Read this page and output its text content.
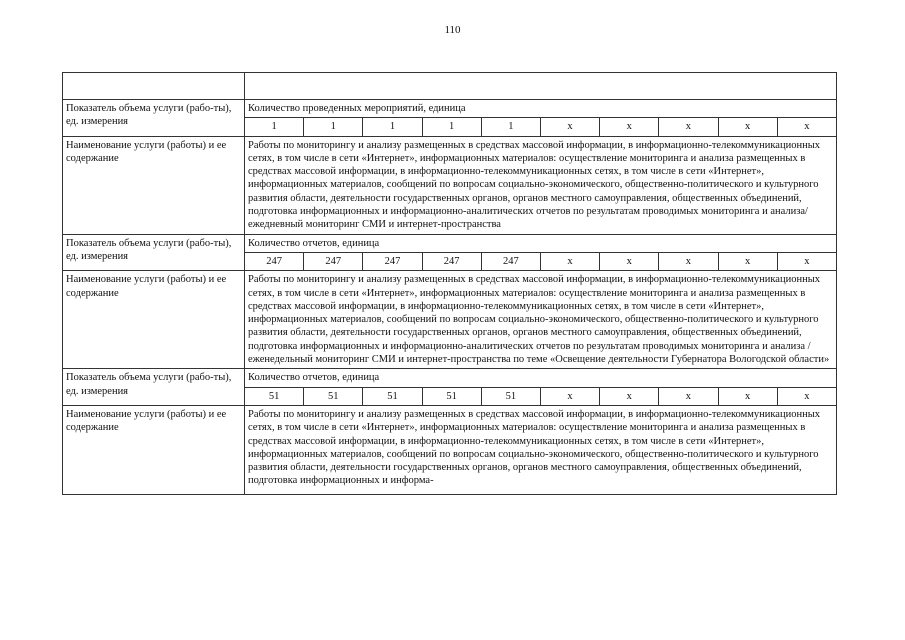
110

Показатель объема услуги (рабо-ты), ед. измерения	Количество проведенных мероприятий, единица									
	1	1	1	1	1	x	x	x	x	x
Наименование услуги (работы) и ее содержание	Работы по мониторингу и анализу размещенных в средствах массовой информации, в информационно-телекоммуникационных сетях, в том числе в сети «Интернет», информационных материалов: осуществление мониторинга и анализа размещенных в средствах массовой информации, в информационно-телекоммуникационных сетях, в том числе в сети «Интернет», информационных материалов, сообщений по вопросам социально-экономического, общественно-политического и культурного развития области, деятельности государственных органов, органов местного самоуправления, общественных объединений, подготовка информационных и информационно-аналитических отчетов по результатам проводимых мониторинга и анализа/ежедневный мониторинг СМИ и интернет-пространства									
Показатель объема услуги (рабо-ты), ед. измерения	Количество отчетов, единица									
	247	247	247	247	247	x	x	x	x	x
Наименование услуги (работы) и ее содержание	Работы по мониторингу и анализу размещенных в средствах массовой информации, в информационно-телекоммуникационных сетях, в том числе в сети «Интернет», информационных материалов: осуществление мониторинга и анализа размещенных в средствах массовой информации, в информационно-телекоммуникационных сетях, в том числе в сети «Интернет», информационных материалов, сообщений по вопросам социально-экономического, общественно-политического и культурного развития области, деятельности государственных органов, органов местного самоуправления, общественных объединений, подготовка информационных и информационно-аналитических отчетов по результатам проводимых мониторинга и анализа /еженедельный мониторинг СМИ и интернет-пространства по теме «Освещение деятельности Губернатора Вологодской области»									
Показатель объема услуги (рабо-ты), ед. измерения	Количество отчетов, единица									
	51	51	51	51	51	x	x	x	x	x
Наименование услуги (работы) и ее содержание	Работы по мониторингу и анализу размещенных в средствах массовой информации, в информационно-телекоммуникационных сетях, в том числе в сети «Интернет», информационных материалов: осуществление мониторинга и анализа размещенных в средствах массовой информации, в информационно-телекоммуникационных сетях, в том числе в сети «Интернет», информационных материалов, сообщений по вопросам социально-экономического, общественно-политического и культурного развития области, деятельности государственных органов, органов местного самоуправления, общественных объединений, подготовка информационных и информа-									
